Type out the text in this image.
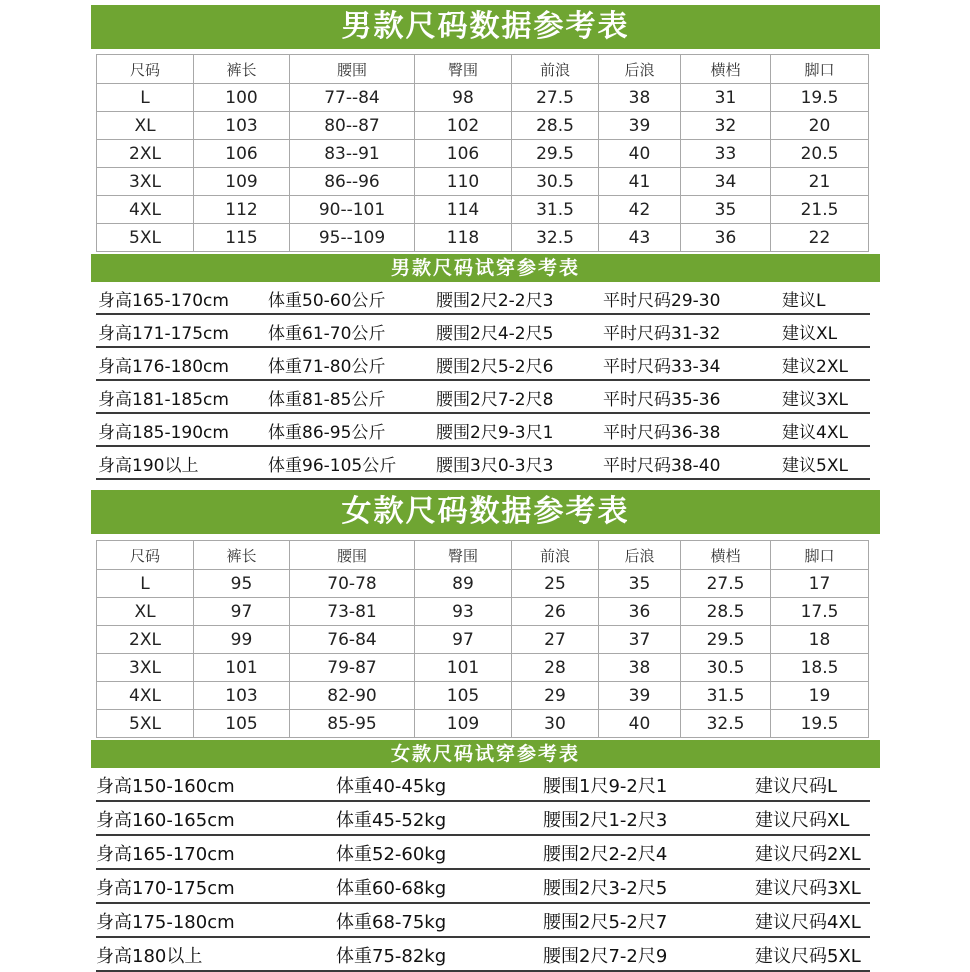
男款尺码数据参考表
尺码	裤长	腰围	臀围	前浪	后浪	横档	脚口
L	100	77--84	98	27.5	38	31	19.5
XL	103	80--87	102	28.5	39	32	20
2XL	106	83--91	106	29.5	40	33	20.5
3XL	109	86--96	110	30.5	41	34	21
4XL	112	90--101	114	31.5	42	35	21.5
5XL	115	95--109	118	32.5	43	36	22
男款尺码试穿参考表
身高165-170cm 体重50-60公斤	腰围2尺2-2尺3	平时尺码29-30	建议L
身高171-175cm 体重61-70公斤	腰围2尺4-2尺5	平时尺码31-32	建议XL
身高176-180cm 体重71-80公斤	腰围2尺5-2尺6	平时尺码33-34	建议2XL
身高181-185cm 体重81-85公斤	腰围2尺7-2尺8	平时尺码35-36	建议3XL
身高185-190cm 体重86-95公斤	腰围2尺9-3尺1	平时尺码36-38	建议4XL
身高190以上	体重96-105公斤 腰围3尺0-3尺3	平时尺码38-40	建议5XL
女款尺码数据参考表
尺码	裤长	腰围	臀围	前浪	后浪	横档	脚口
L	95	70-78	89	25	35	27.5	17
XL	97	73-81	93	26	36	28.5	17.5
2XL	99	76-84	97	27	37	29.5	18
3XL	101	79-87	101	28	38	30.5	18.5
4XL	103	82-90	105	29	39	31.5	19
5XL	105	85-95	109	30	40	32.5	19.5
女款尺码试穿参考表
身高150-160cm	体重40-45kg	腰围1尺9-2尺1	建议尺码L
身高160-165cm	体重45-52kg	腰围2尺1-2尺3	建议尺码XL
身高165-170cm	体重52-60kg	腰围2尺2-2尺4	建议尺码2XL
身高170-175cm	体重60-68kg	腰围2尺3-2尺5	建议尺码3XL
身高175-180cm	体重68-75kg	腰围2尺5-2尺7	建议尺码4XL
身高180以上	体重75-82kg	腰围2尺7-2尺9	建议尺码5XL
